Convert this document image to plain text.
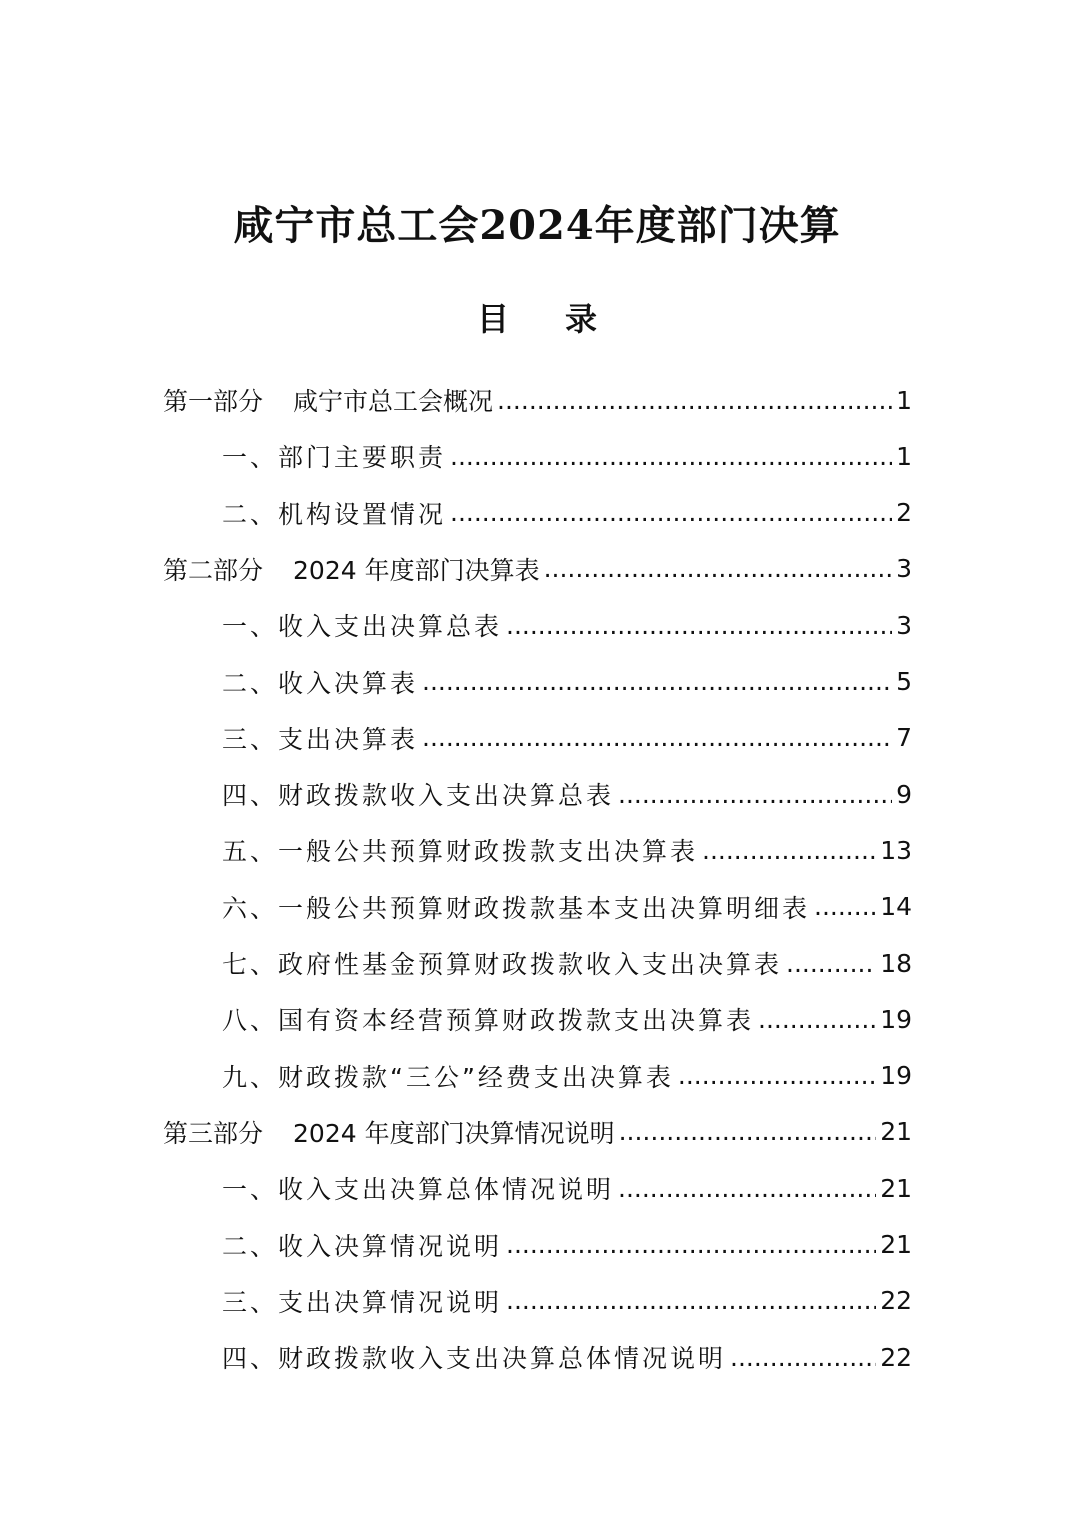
咸宁市总工会2024年度部门决算
目 录
第一部分 咸宁市总工会概况 .....	1
一、部门主要职责 .....	1
二、机构设置情况 .....	2
第二部分 2024 年度部门决算表 .....	3
一、收入支出决算总表 .....	3
二、收入决算表 .....	5
三、支出决算表 .....	7
四、财政拨款收入支出决算总表 .....	9
五、一般公共预算财政拨款支出决算表 .....	13
六、一般公共预算财政拨款基本支出决算明细表 .....	14
七、政府性基金预算财政拨款收入支出决算表 .....	18
八、国有资本经营预算财政拨款支出决算表 .....	19
九、财政拨款“三公”经费支出决算表 .....	19
第三部分 2024 年度部门决算情况说明 .....	21
一、收入支出决算总体情况说明 .....	21
二、收入决算情况说明 .....	21
三、支出决算情况说明 .....	22
四、财政拨款收入支出决算总体情况说明 .....	22
